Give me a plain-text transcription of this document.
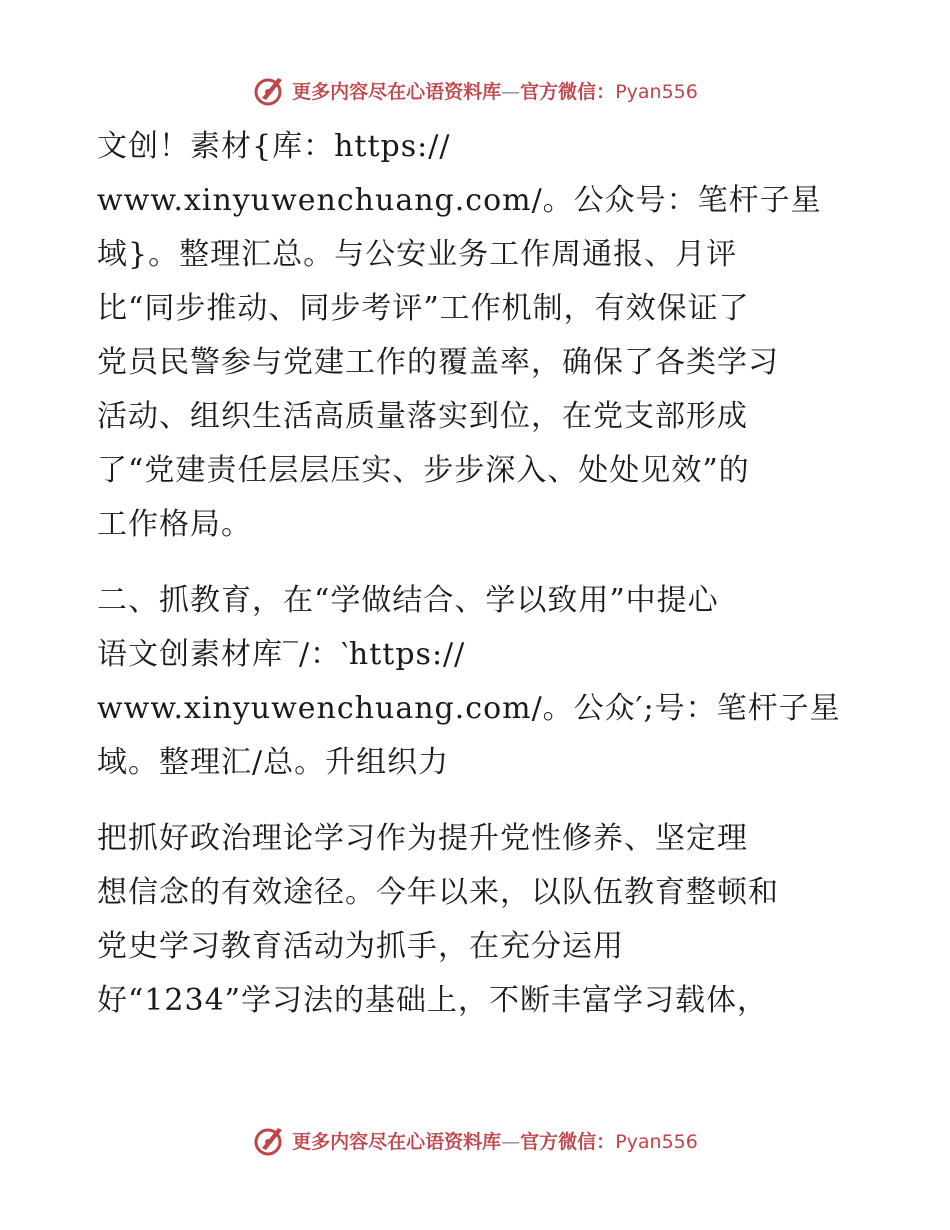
更多内容尽在心语资料库—官方微信：Pyan556
文创！素材{库：https://
www.xinyuwenchuang.com/。公众号：笔杆子星
域}。整理汇总。与公安业务工作周通报、月评
比“同步推动、同步考评”工作机制，有效保证了
党员民警参与党建工作的覆盖率，确保了各类学习
活动、组织生活高质量落实到位，在党支部形成
了“党建责任层层压实、步步深入、处处见效”的
工作格局。
二、抓教育，在“学做结合、学以致用”中提心
语文创素材库‾/：‵https://
www.xinyuwenchuang.com/。公众′;号：笔杆子星
域。整理汇/总。升组织力
把抓好政治理论学习作为提升党性修养、坚定理
想信念的有效途径。今年以来，以队伍教育整顿和
党史学习教育活动为抓手，在充分运用
好“1234”学习法的基础上，不断丰富学习载体，
更多内容尽在心语资料库—官方微信：Pyan556
